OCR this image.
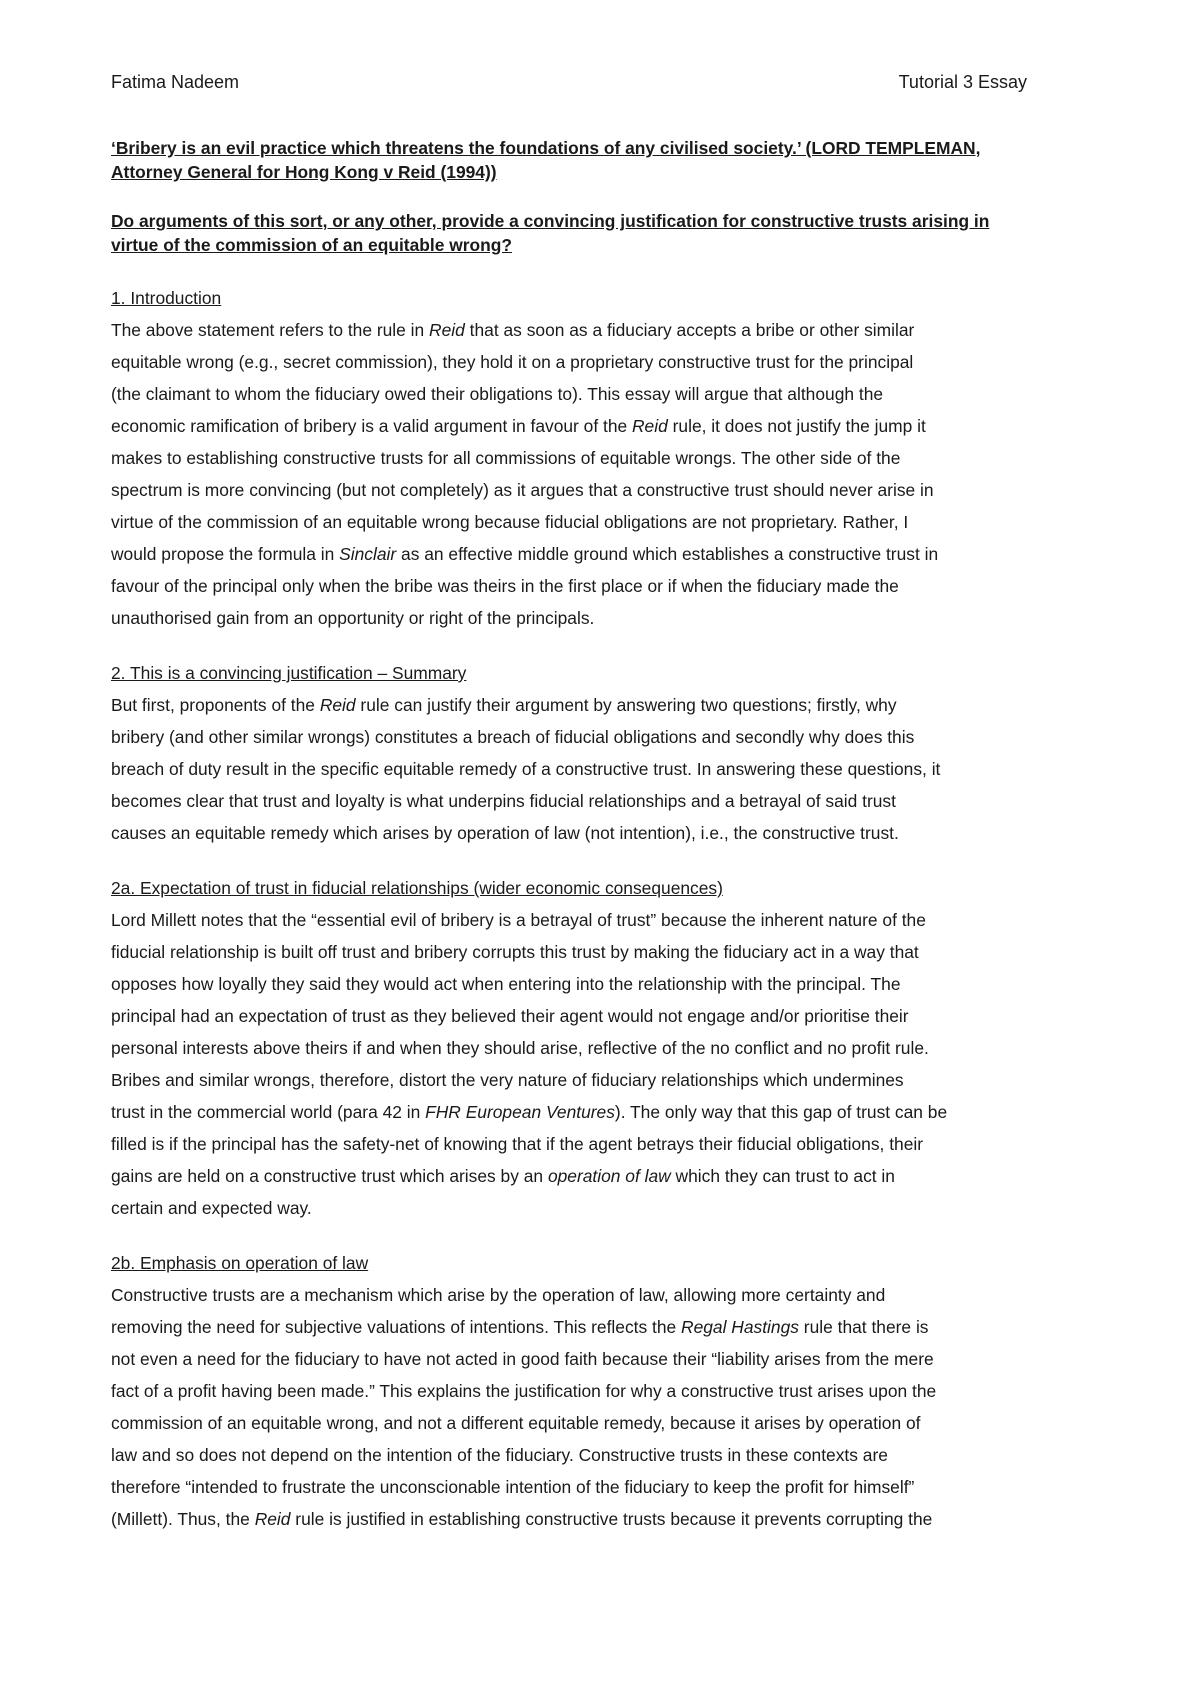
Fatima Nadeem	Tutorial 3 Essay
‘Bribery is an evil practice which threatens the foundations of any civilised society.’ (LORD TEMPLEMAN,
Attorney General for Hong Kong v Reid (1994))
Do arguments of this sort, or any other, provide a convincing justification for constructive trusts arising in
virtue of the commission of an equitable wrong?
1. Introduction
The above statement refers to the rule in Reid that as soon as a fiduciary accepts a bribe or other similar
equitable wrong (e.g., secret commission), they hold it on a proprietary constructive trust for the principal
(the claimant to whom the fiduciary owed their obligations to). This essay will argue that although the
economic ramification of bribery is a valid argument in favour of the Reid rule, it does not justify the jump it
makes to establishing constructive trusts for all commissions of equitable wrongs. The other side of the
spectrum is more convincing (but not completely) as it argues that a constructive trust should never arise in
virtue of the commission of an equitable wrong because fiducial obligations are not proprietary. Rather, I
would propose the formula in Sinclair as an effective middle ground which establishes a constructive trust in
favour of the principal only when the bribe was theirs in the first place or if when the fiduciary made the
unauthorised gain from an opportunity or right of the principals.
2. This is a convincing justification – Summary
But first, proponents of the Reid rule can justify their argument by answering two questions; firstly, why
bribery (and other similar wrongs) constitutes a breach of fiducial obligations and secondly why does this
breach of duty result in the specific equitable remedy of a constructive trust. In answering these questions, it
becomes clear that trust and loyalty is what underpins fiducial relationships and a betrayal of said trust
causes an equitable remedy which arises by operation of law (not intention), i.e., the constructive trust.
2a. Expectation of trust in fiducial relationships (wider economic consequences)
Lord Millett notes that the “essential evil of bribery is a betrayal of trust” because the inherent nature of the
fiducial relationship is built off trust and bribery corrupts this trust by making the fiduciary act in a way that
opposes how loyally they said they would act when entering into the relationship with the principal. The
principal had an expectation of trust as they believed their agent would not engage and/or prioritise their
personal interests above theirs if and when they should arise, reflective of the no conflict and no profit rule.
Bribes and similar wrongs, therefore, distort the very nature of fiduciary relationships which undermines
trust in the commercial world (para 42 in FHR European Ventures). The only way that this gap of trust can be
filled is if the principal has the safety-net of knowing that if the agent betrays their fiducial obligations, their
gains are held on a constructive trust which arises by an operation of law which they can trust to act in
certain and expected way.
2b. Emphasis on operation of law
Constructive trusts are a mechanism which arise by the operation of law, allowing more certainty and
removing the need for subjective valuations of intentions. This reflects the Regal Hastings rule that there is
not even a need for the fiduciary to have not acted in good faith because their “liability arises from the mere
fact of a profit having been made.” This explains the justification for why a constructive trust arises upon the
commission of an equitable wrong, and not a different equitable remedy, because it arises by operation of
law and so does not depend on the intention of the fiduciary. Constructive trusts in these contexts are
therefore “intended to frustrate the unconscionable intention of the fiduciary to keep the profit for himself”
(Millett). Thus, the Reid rule is justified in establishing constructive trusts because it prevents corrupting the
